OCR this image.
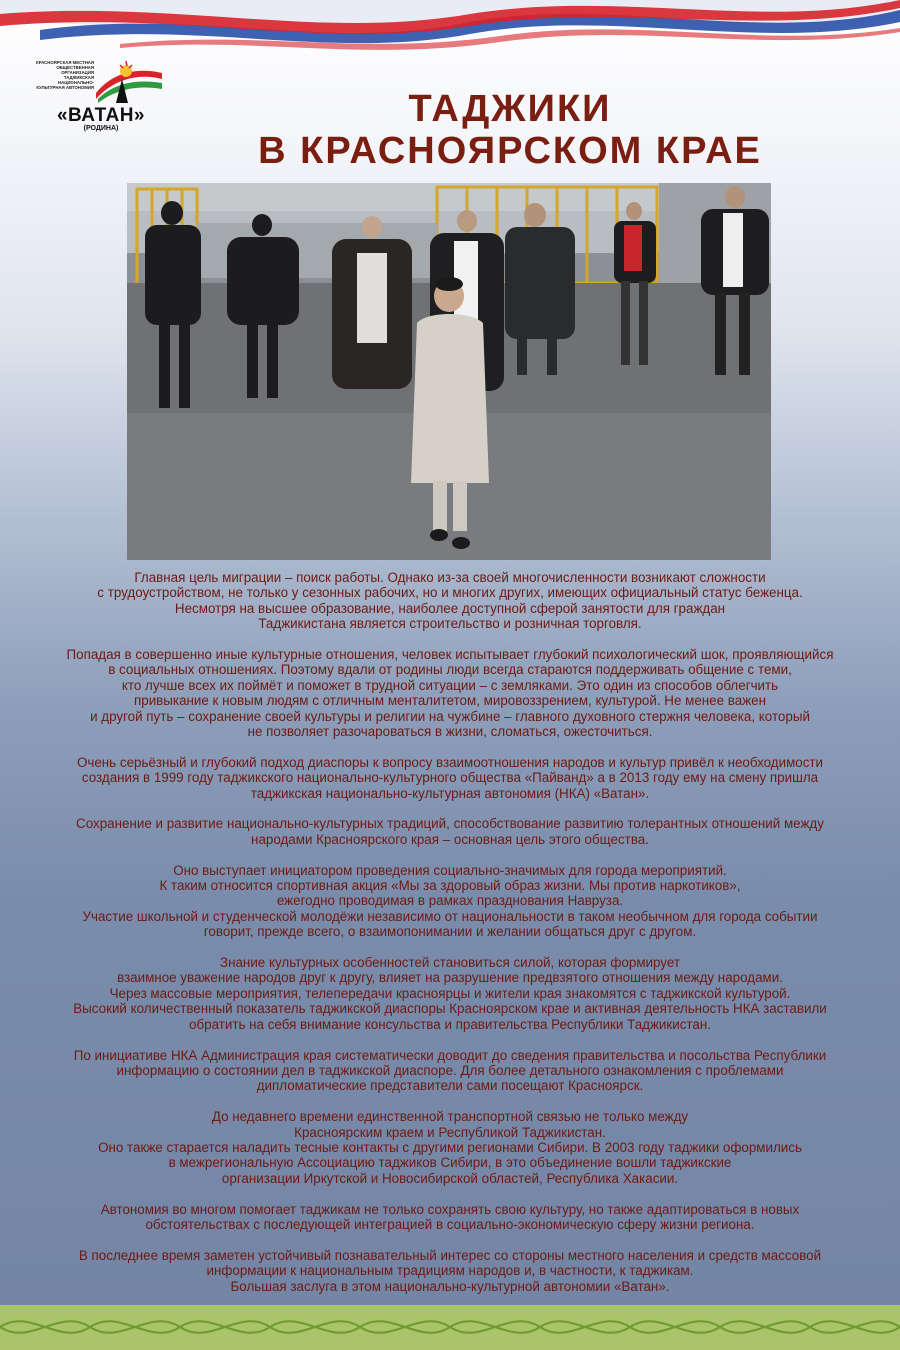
КРАСНОЯРСКАЯ МЕСТНАЯ ОБЩЕСТВЕННАЯ ОРГАНИЗАЦИЯ ТАДЖИКСКАЯ НАЦИОНАЛЬНО-КУЛЬТУРНАЯ АВТОНОМИЯ
«ВАТАН»
(РОДИНА)	ТАДЖИКИ
В КРАСНОЯРСКОМ КРАЕ

Главная цель миграции – поиск работы. Однако из-за своей многочисленности возникают сложности
с трудоустройством, не только у сезонных рабочих, но и многих других, имеющих официальный статус беженца.
Несмотря на высшее образование, наиболее доступной сферой занятости для граждан
Таджикистана является строительство и розничная торговля.

Попадая в совершенно иные культурные отношения, человек испытывает глубокий психологический шок, проявляющийся
в социальных отношениях. Поэтому вдали от родины люди всегда стараются поддерживать общение с теми,
кто лучше всех их поймёт и поможет в трудной ситуации – с земляками. Это один из способов облегчить
привыкание к новым людям с отличным менталитетом, мировоззрением, культурой. Не менее важен
и другой путь – сохранение своей культуры и религии на чужбине – главного духовного стержня человека, который
не позволяет разочароваться в жизни, сломаться, ожесточиться.

Очень серьёзный и глубокий подход диаспоры к вопросу взаимоотношения народов и культур привёл к необходимости
создания в 1999 году таджикского национально-культурного общества «Пайванд» а в 2013 году ему на смену пришла
таджикская национально-культурная автономия (НКА) «Ватан».

Сохранение и развитие национально-культурных традиций, способствование развитию толерантных отношений между
народами Красноярского края – основная цель этого общества.

Оно выступает инициатором проведения социально-значимых для города мероприятий.
К таким относится спортивная акция «Мы за здоровый образ жизни. Мы против наркотиков»,
ежегодно проводимая в рамках празднования Навруза.
Участие школьной и студенческой молодёжи независимо от национальности в таком необычном для города событии
говорит, прежде всего, о взаимопонимании и желании общаться друг с другом.

Знание культурных особенностей становиться силой, которая формирует
взаимное уважение народов друг к другу, влияет на разрушение предвзятого отношения между народами.
Через массовые мероприятия, телепередачи красноярцы и жители края знакомятся с таджикской культурой.
Высокий количественный показатель таджикской диаспоры Красноярском крае и активная деятельность НКА заставили
обратить на себя внимание консульства и правительства Республики Таджикистан.

По инициативе НКА Администрация края систематически доводит до сведения правительства и посольства Республики
информацию о состоянии дел в таджикской диаспоре. Для более детального ознакомления с проблемами
дипломатические представители сами посещают Красноярск.

До недавнего времени единственной транспортной связью не только между
Красноярским краем и Республикой Таджикистан.
Оно также старается наладить тесные контакты с другими регионами Сибири. В 2003 году таджики оформились
в межрегиональную Ассоциацию таджиков Сибири, в это объединение вошли таджикские
организации Иркутской и Новосибирской областей, Республика Хакасии.

Автономия во многом помогает таджикам не только сохранять свою культуру, но также адаптироваться в новых
обстоятельствах с последующей интеграцией в социально-экономическую сферу жизни региона.

В последнее время заметен устойчивый познавательный интерес со стороны местного населения и средств массовой
информации к национальным традициям народов и, в частности, к таджикам.
Большая заслуга в этом национально-культурной автономии «Ватан».
